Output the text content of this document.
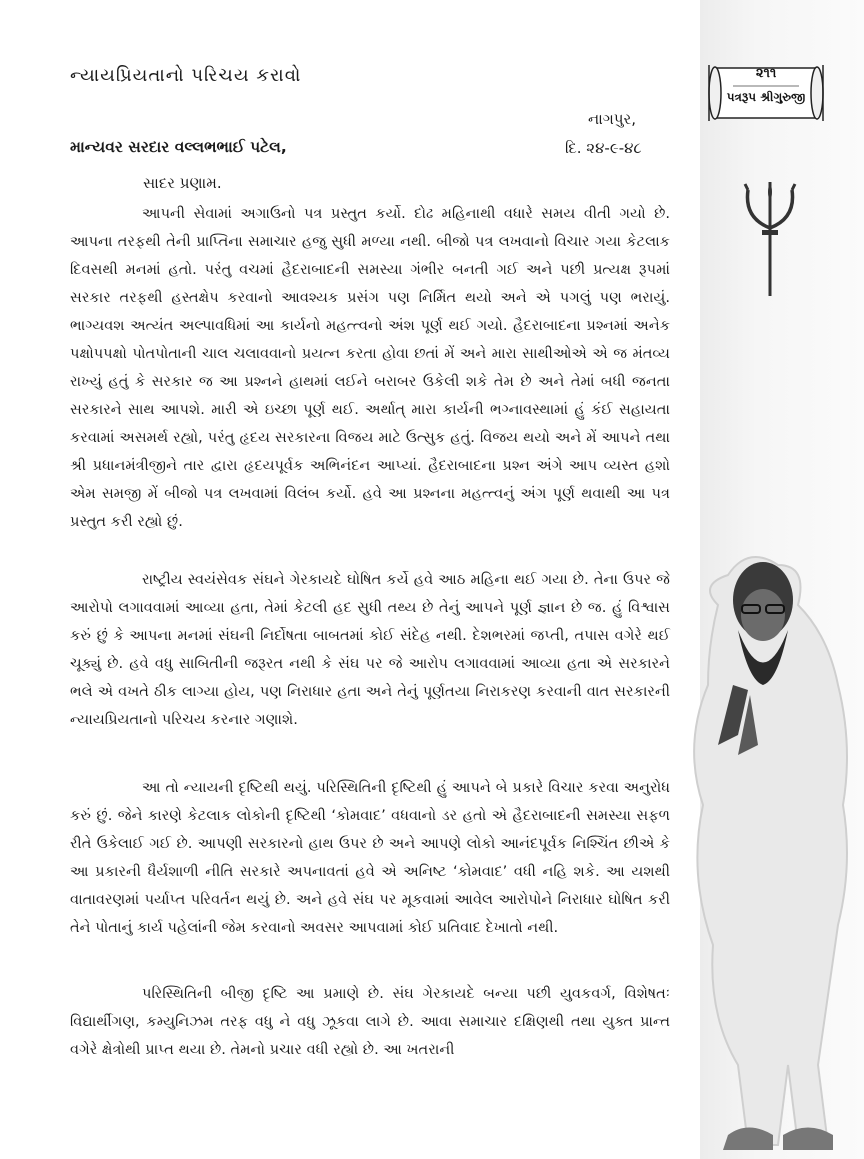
૨૧૧
પત્રરૂપ શ્રીગુરુજી
ન્યાયપ્રિયતાનો પરિચય કરાવો
નાગપુર,
માન્યવર સરદાર વલ્લભભાઈ પટેલ,	દિ. ૨૪-૯-૪૮
સાદર પ્રણામ.

આપની સેવામાં અગાઉનો પત્ર પ્રસ્તુત કર્યો. દોઢ મહિનાથી વધારે સમય વીતી ગયો છે. આપના તરફથી તેની પ્રાપ્તિના સમાચાર હજુ સુધી મળ્યા નથી. બીજો પત્ર લખવાનો વિચાર ગયા કેટલાક દિવસથી મનમાં હતો. પરંતુ વચમાં હૈદરાબાદની સમસ્યા ગંભીર બનતી ગઈ અને પછી પ્રત્યક્ષ રૂપમાં સરકાર તરફથી હસ્તક્ષેપ કરવાનો આવશ્યક પ્રસંગ પણ નિર્મિત થયો અને એ પગલું પણ ભરાયું. ભાગ્યવશ અત્યંત અલ્પાવધિમાં આ કાર્યનો મહત્ત્વનો અંશ પૂર્ણ થઈ ગયો. હૈદરાબાદના પ્રશ્નમાં અનેક પક્ષોપપક્ષો પોતપોતાની ચાલ ચલાવવાનો પ્રયત્ન કરતા હોવા છતાં મેં અને મારા સાથીઓએ એ જ મંતવ્ય રાખ્યું હતું કે સરકાર જ આ પ્રશ્નને હાથમાં લઈને બરાબર ઉકેલી શકે તેમ છે અને તેમાં બધી જનતા સરકારને સાથ આપશે. મારી એ ઇચ્છા પૂર્ણ થઈ. અર્થાત્ મારા કાર્યની ભગ્નાવસ્થામાં હું કંઈ સહાયતા કરવામાં અસમર્થ રહ્યો, પરંતુ હૃદય સરકારના વિજય માટે ઉત્સુક હતું. વિજય થયો અને મેં આપને તથા શ્રી પ્રધાનમંત્રીજીને તાર દ્વારા હૃદયપૂર્વક અભિનંદન આપ્યાં. હૈદરાબાદના પ્રશ્ન અંગે આપ વ્યસ્ત હશો એમ સમજી મેં બીજો પત્ર લખવામાં વિલંબ કર્યો. હવે આ પ્રશ્નના મહત્ત્વનું અંગ પૂર્ણ થવાથી આ પત્ર પ્રસ્તુત કરી રહ્યો છું.

રાષ્ટ્રીય સ્વયંસેવક સંઘને ગેરકાયદે ઘોષિત કર્યે હવે આઠ મહિના થઈ ગયા છે. તેના ઉપર જે આરોપો લગાવવામાં આવ્યા હતા, તેમાં કેટલી હદ સુધી તથ્ય છે તેનું આપને પૂર્ણ જ્ઞાન છે જ. હું વિશ્વાસ કરું છું કે આપના મનમાં સંઘની નિર્દોષતા બાબતમાં કોઈ સંદેહ નથી. દેશભરમાં જપ્તી, તપાસ વગેરે થઈ ચૂક્યું છે. હવે વધુ સાબિતીની જરૂરત નથી કે સંઘ પર જે આરોપ લગાવવામાં આવ્યા હતા એ સરકારને ભલે એ વખતે ઠીક લાગ્યા હોય, પણ નિરાધાર હતા અને તેનું પૂર્ણતયા નિરાકરણ કરવાની વાત સરકારની ન્યાયપ્રિયતાનો પરિચય કરનાર ગણાશે.

આ તો ન્યાયની દૃષ્ટિથી થયું. પરિસ્થિતિની દૃષ્ટિથી હું આપને બે પ્રકારે વિચાર કરવા અનુરોધ કરું છું. જેને કારણે કેટલાક લોકોની દૃષ્ટિથી ‘કોમવાદ’ વધવાનો ડર હતો એ હૈદરાબાદની સમસ્યા સફળ રીતે ઉકેલાઈ ગઈ છે. આપણી સરકારનો હાથ ઉપર છે અને આપણે લોકો આનંદપૂર્વક નિશ્ચિંત છીએ કે આ પ્રકારની ધૈર્યશાળી નીતિ સરકારે અપનાવતાં હવે એ અનિષ્ટ ‘કોમવાદ’ વધી નહિ શકે. આ યશથી વાતાવરણમાં પર્યાપ્ત પરિવર્તન થયું છે. અને હવે સંઘ પર મૂકવામાં આવેલ આરોપોને નિરાધાર ઘોષિત કરી તેને પોતાનું કાર્ય પહેલાંની જેમ કરવાનો અવસર આપવામાં કોઈ પ્રતિવાદ દેખાતો નથી.

પરિસ્થિતિની બીજી દૃષ્ટિ આ પ્રમાણે છે. સંઘ ગેરકાયદે બન્યા પછી યુવકવર્ગ, વિશેષતઃ વિદ્યાર્થીગણ, કમ્યુનિઝમ તરફ વધુ ને વધુ ઝૂકવા લાગે છે. આવા સમાચાર દક્ષિણથી તથા યુક્ત પ્રાન્ત વગેરે ક્ષેત્રોથી પ્રાપ્ત થયા છે. તેમનો પ્રચાર વધી રહ્યો છે. આ ખતરાની
